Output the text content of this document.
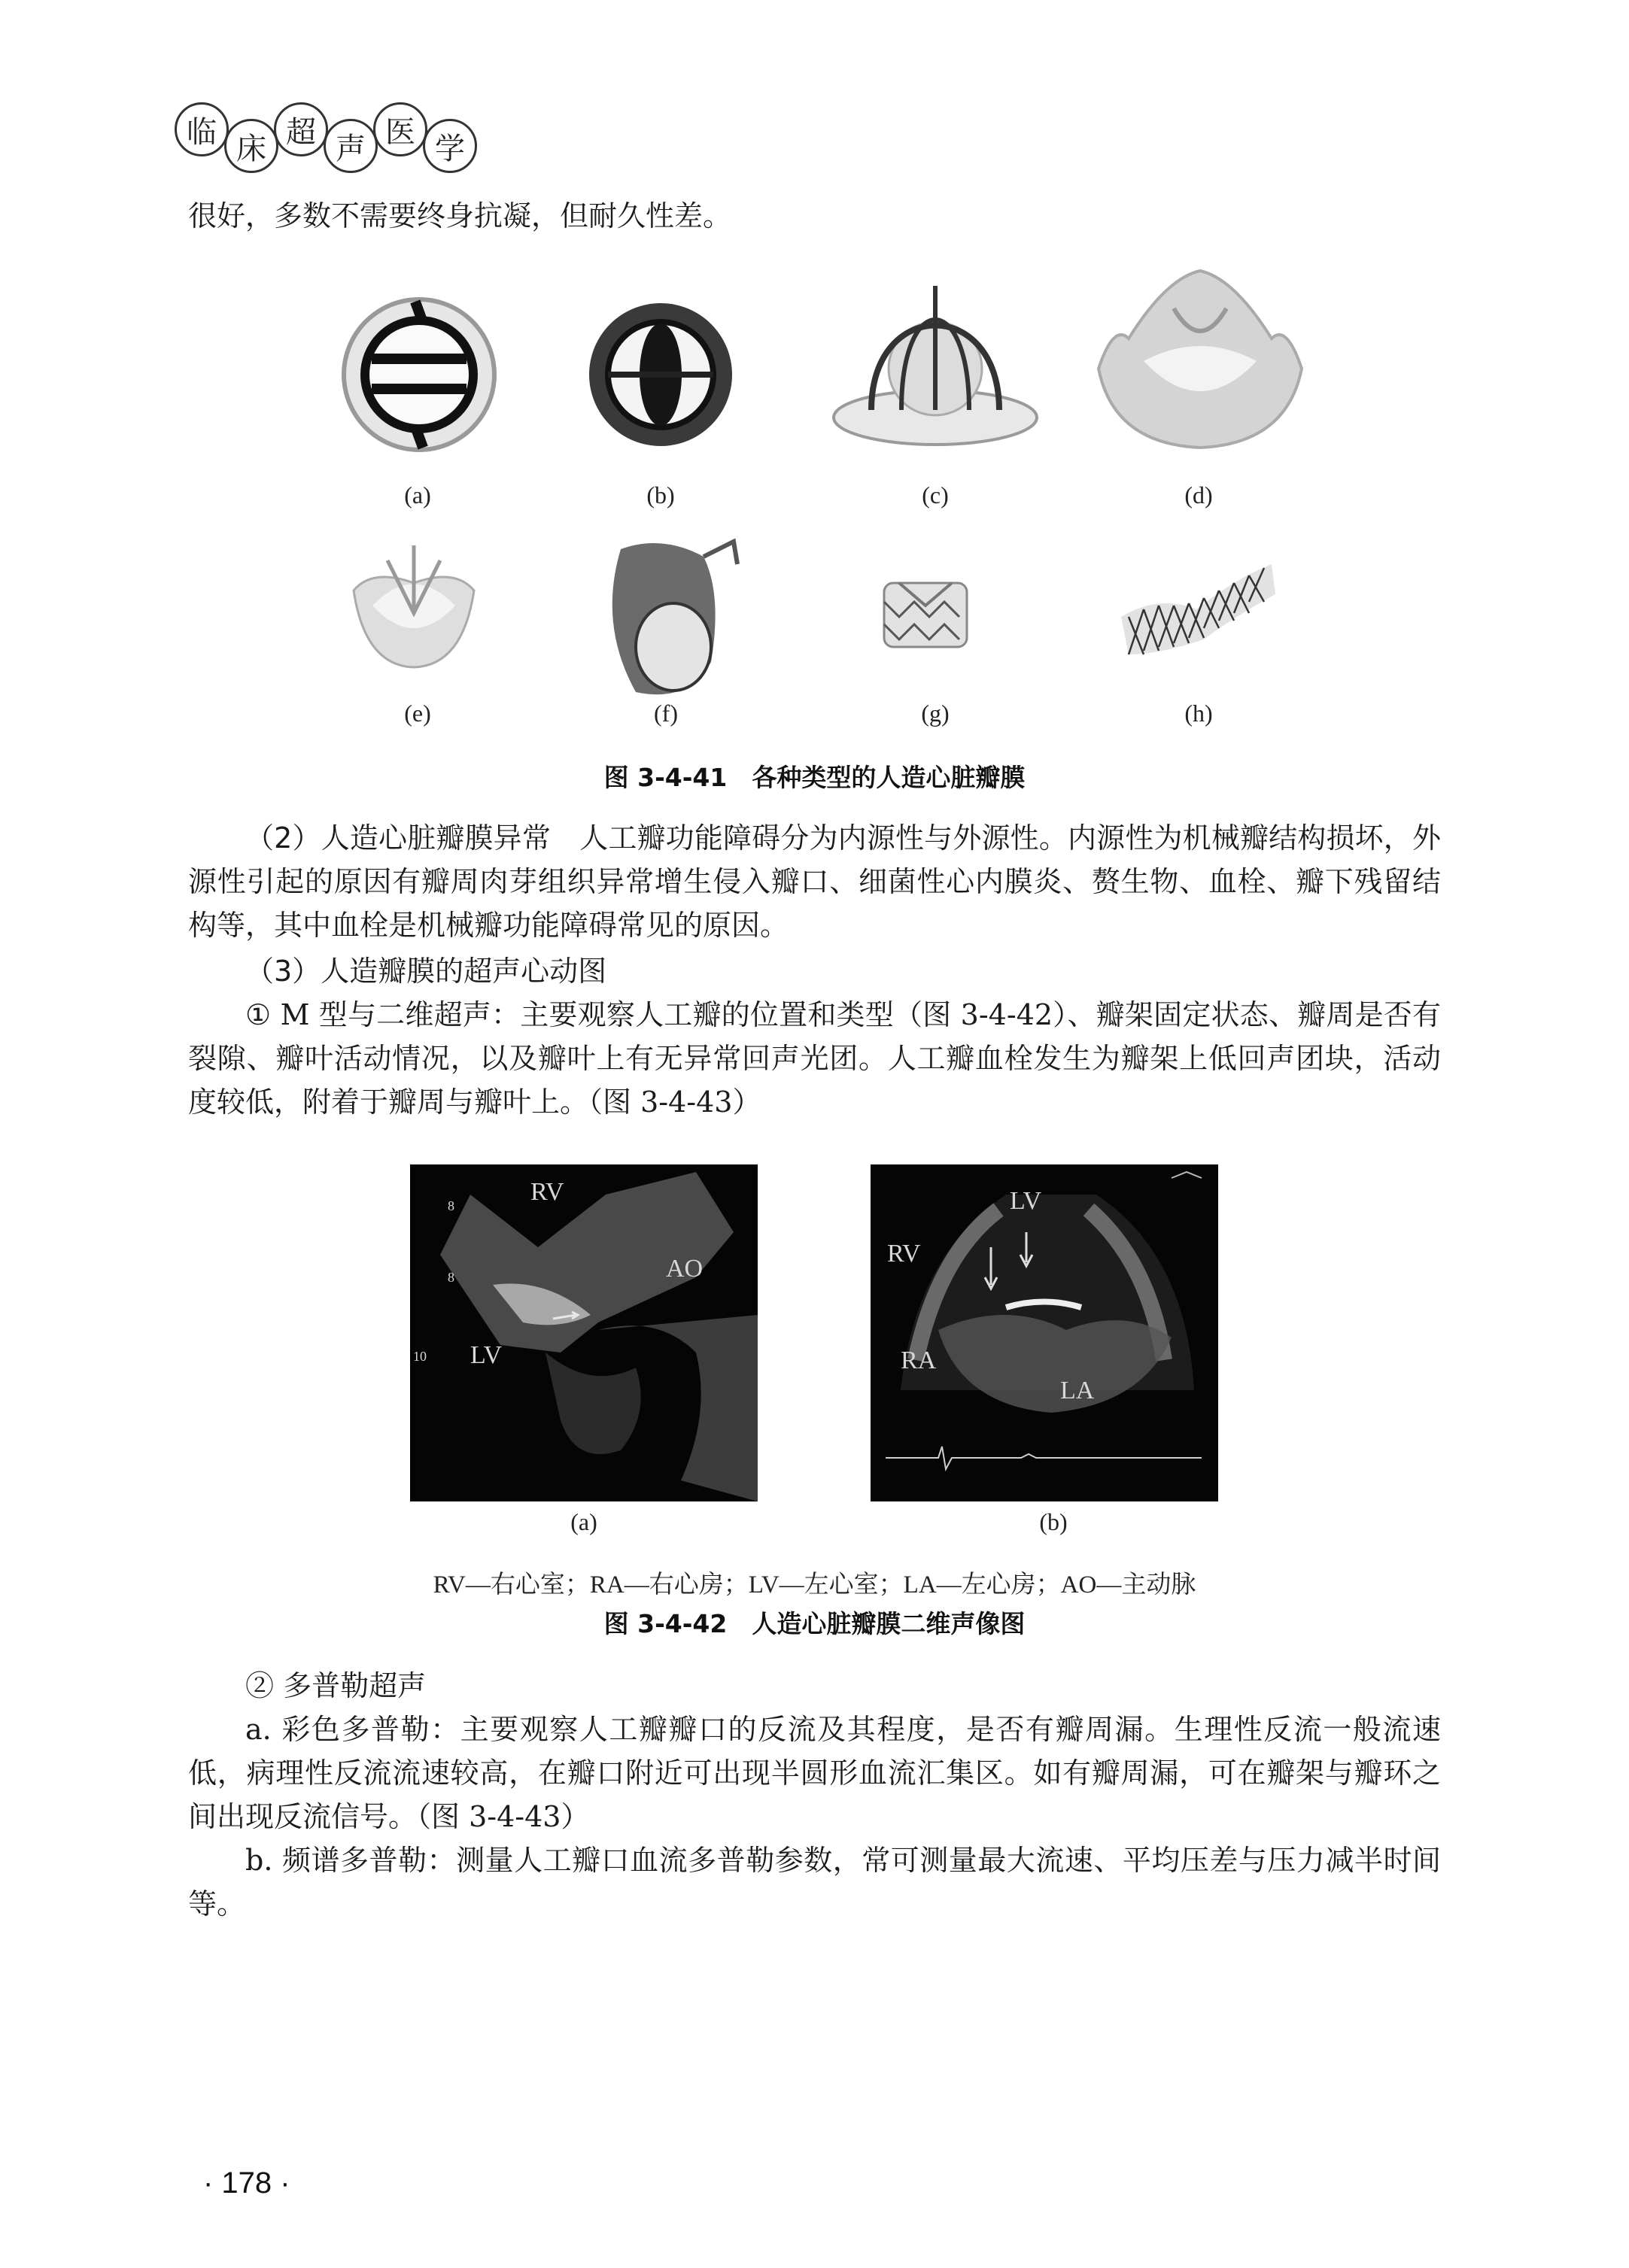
临 床 超 声 医 学

很好，多数不需要终身抗凝，但耐久性差。

(a)	(b)	(c)	(d)
(e)	(f)	(g)	(h)
图 3-4-41　各种类型的人造心脏瓣膜

（2）人造心脏瓣膜异常　 人工瓣功能障碍分为内源性与外源性。内源性为机械瓣结构损坏，外源性引起的原因有瓣周肉芽组织异常增生侵入瓣口、细菌性心内膜炎、赘生物、血栓、瓣下残留结构等，其中血栓是机械瓣功能障碍常见的原因。

（3）人造瓣膜的超声心动图

① M 型与二维超声：主要观察人工瓣的位置和类型（图 3-4-42）、瓣架固定状态、瓣周是否有裂隙、瓣叶活动情况，以及瓣叶上有无异常回声光团。人工瓣血栓发生为瓣架上低回声团块，活动度较低，附着于瓣周与瓣叶上。（图 3-4-43）

RV
AO
LV
8
8
10
LV
RV
RA
LA
(a)	(b)
RV—右心室；RA—右心房；LV—左心室；LA—左心房；AO—主动脉
图 3-4-42　人造心脏瓣膜二维声像图

② 多普勒超声

a. 彩色多普勒：主要观察人工瓣瓣口的反流及其程度，是否有瓣周漏。生理性反流一般流速低，病理性反流流速较高，在瓣口附近可出现半圆形血流汇集区。如有瓣周漏，可在瓣架与瓣环之间出现反流信号。（图 3-4-43）

b. 频谱多普勒：测量人工瓣口血流多普勒参数，常可测量最大流速、平均压差与压力减半时间等。

· 178 ·
